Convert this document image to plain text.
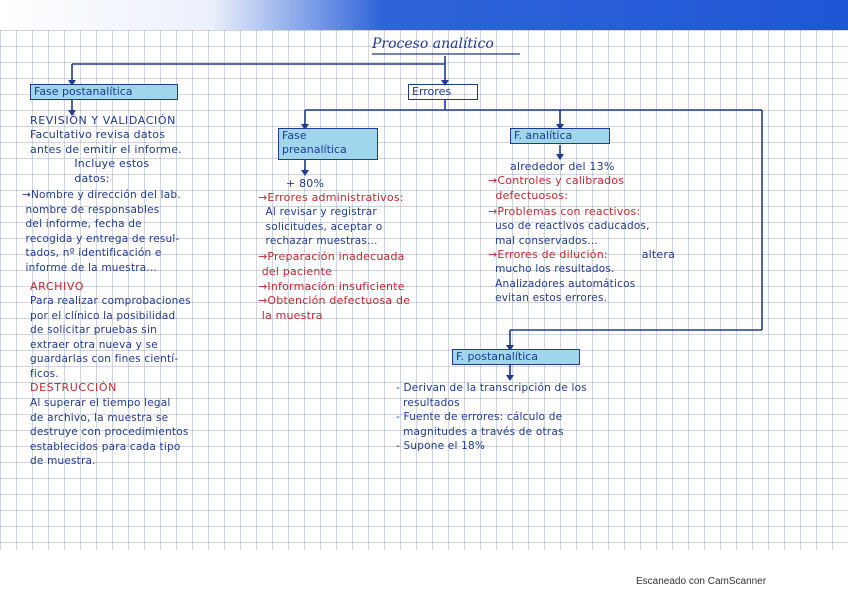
Proceso analítico
Fase postanalítica	Errores
Fase
preanalítica
F. analítica
F. postanalítica
REVISIÓN Y VALIDACIÓN
Facultativo revisa datos
antes de emitir el informe.
Incluye estos
datos:
→Nombre y dirección del lab.
nombre de responsables
del informe, fecha de
recogida y entrega de resul-
tados, nº identificación e
informe de la muestra...
ARCHIVO
Para realizar comprobaciones
por el clínico la posibilidad
de solicitar pruebas sin
extraer otra nueva y se
guardarlas con fines cientí-
ficos.
DESTRUCCIÓN
Al superar el tiempo legal
de archivo, la muestra se
destruye con procedimientos
establecidos para cada tipo
de muestra.
+ 80%
→Errores administrativos:
Al revisar y registrar
solicitudes, aceptar o
rechazar muestras...
→Preparación inadecuada
del paciente
→Información insuficiente
→Obtención defectuosa de
la muestra
alrededor del 13%
→Controles y calibrados
defectuosos:
→Problemas con reactivos:
uso de reactivos caducados,
mal conservados...
→Errores de dilución:	altera
mucho los resultados.
Analizadores automáticos
evitan estos errores.
- Derivan de la transcripción de los
resultados
- Fuente de errores: cálculo de
magnitudes a través de otras
- Supone el 18%
Escaneado con CamScanner
